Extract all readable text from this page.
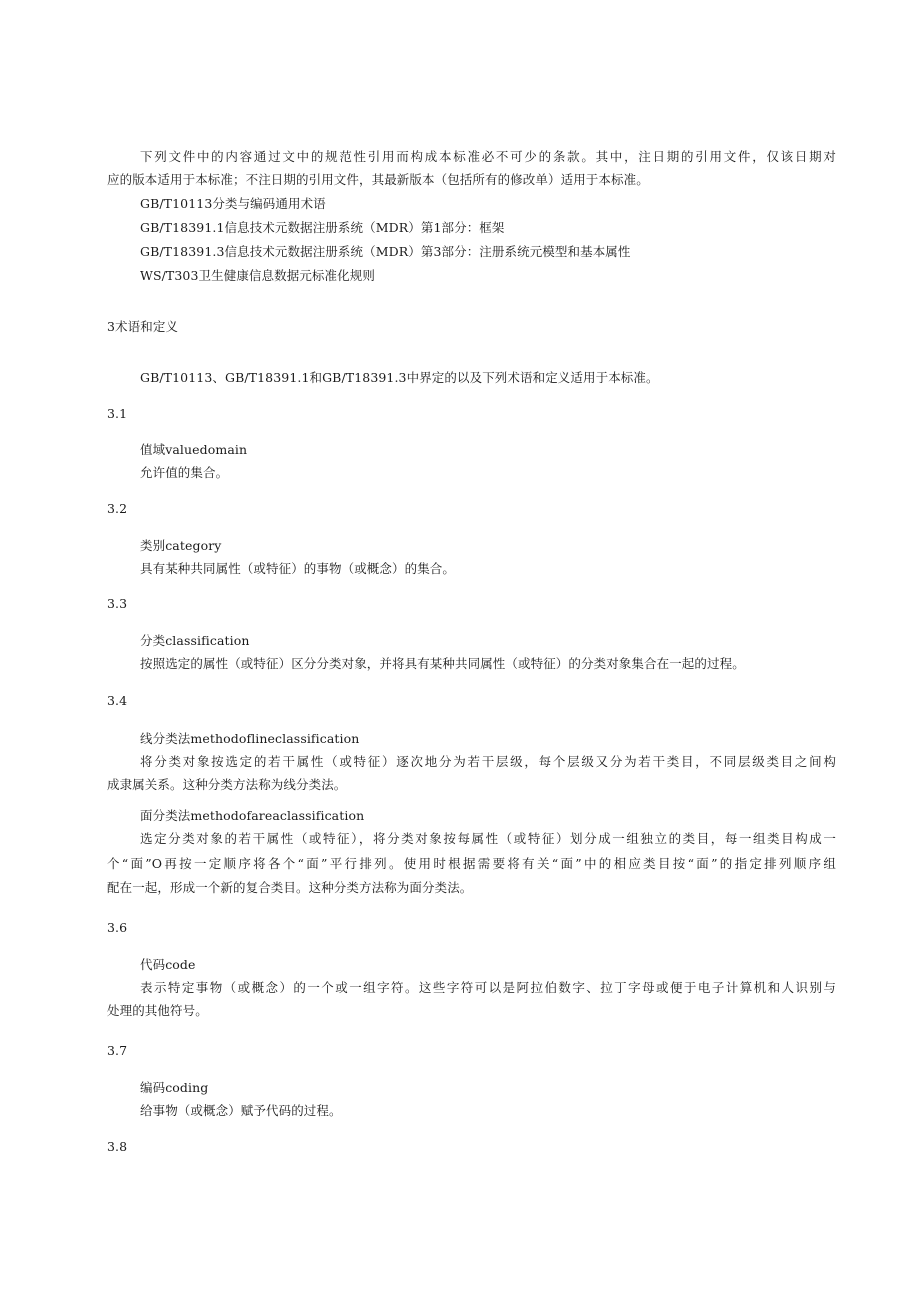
下列文件中的内容通过文中的规范性引用而构成本标准必不可少的条款。其中，注日期的引用文件，仅该日期对
应的版本适用于本标准；不注日期的引用文件，其最新版本（包括所有的修改单）适用于本标准。
GB/T10113分类与编码通用术语
GB/T18391.1信息技术元数据注册系统（MDR）第1部分：框架
GB/T18391.3信息技术元数据注册系统（MDR）第3部分：注册系统元模型和基本属性
WS/T303卫生健康信息数据元标准化规则
3术语和定义
GB/T10113、GB/T18391.1和GB/T18391.3中界定的以及下列术语和定义适用于本标准。
3.1
值域valuedomain
允许值的集合。
3.2
类别category
具有某种共同属性（或特征）的事物（或概念）的集合。
3.3
分类classification
按照选定的属性（或特征）区分分类对象，并将具有某种共同属性（或特征）的分类对象集合在一起的过程。
3.4
线分类法methodoflineclassification
将分类对象按选定的若干属性（或特征）逐次地分为若干层级，每个层级又分为若干类目，不同层级类目之间构
成隶属关系。这种分类方法称为线分类法。
面分类法methodofareaclassification
选定分类对象的若干属性（或特征），将分类对象按每属性（或特征）划分成一组独立的类目，每一组类目构成一
个“面”O再按一定顺序将各个“面”平行排列。使用时根据需要将有关“面”中的相应类目按“面”的指定排列顺序组
配在一起，形成一个新的复合类目。这种分类方法称为面分类法。
3.6
代码code
表示特定事物（或概念）的一个或一组字符。这些字符可以是阿拉伯数字、拉丁字母或便于电子计算机和人识别与
处理的其他符号。
3.7
编码coding
给事物（或概念）赋予代码的过程。
3.8
